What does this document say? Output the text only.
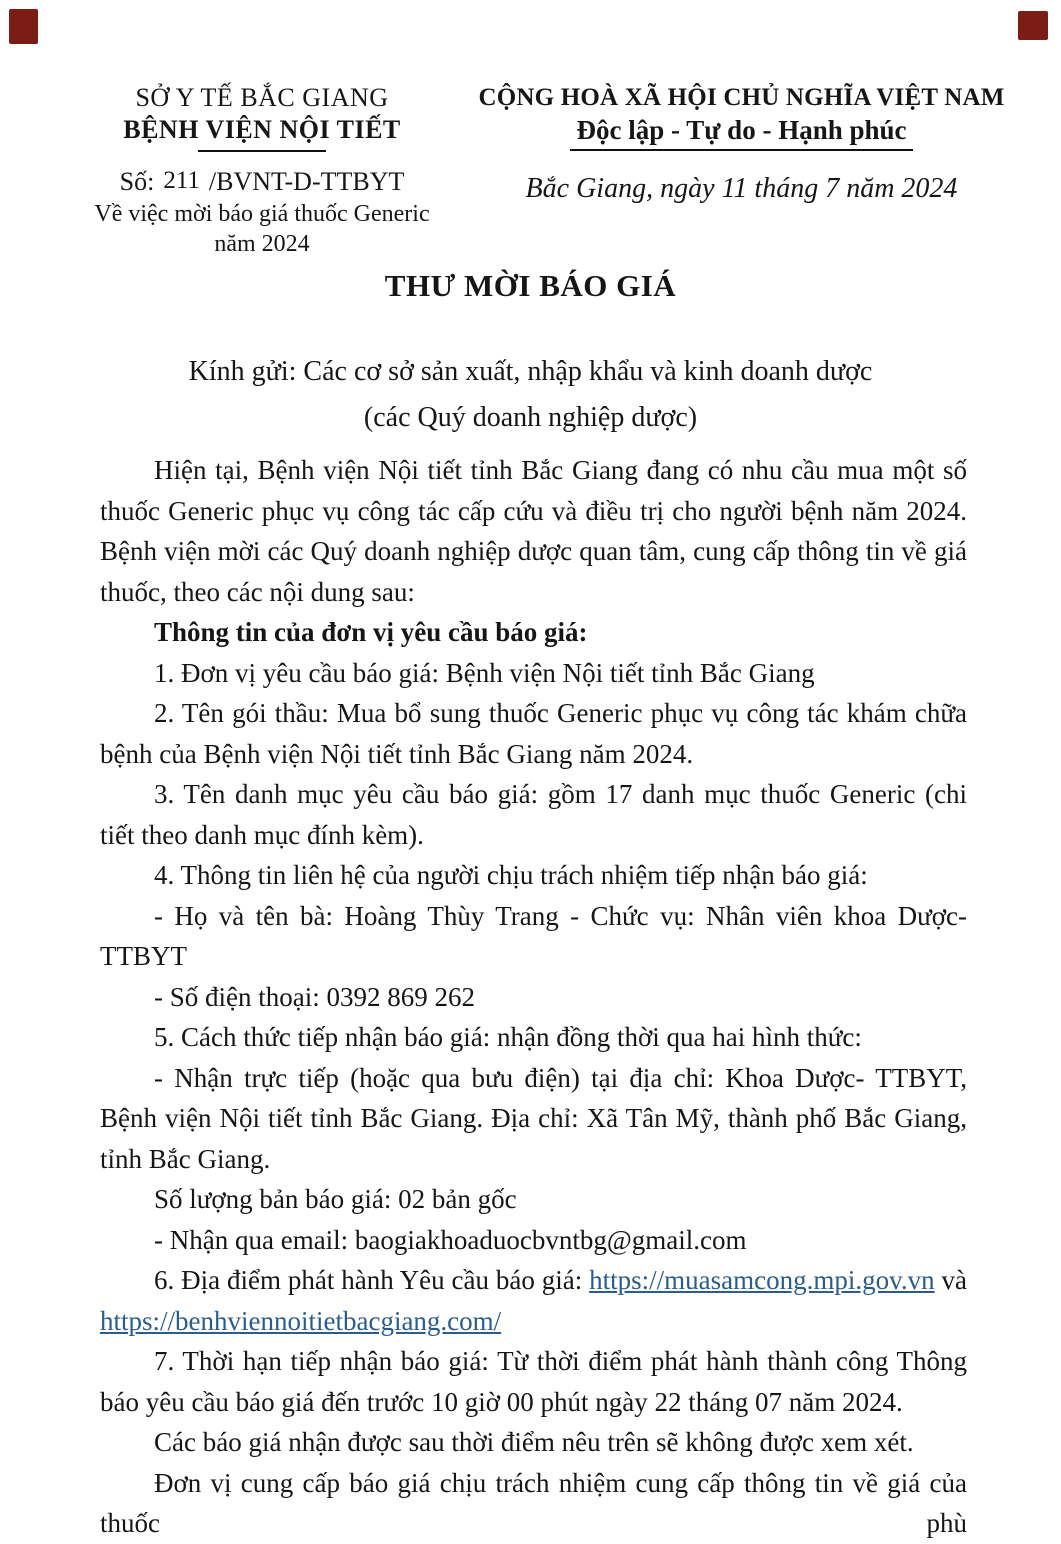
SỞ Y TẾ BẮC GIANG
BỆNH VIỆN NỘI TIẾT
Số: 211 /BVNT-D-TTBYT
Về việc mời báo giá thuốc Generic
năm 2024
CỘNG HOÀ XÃ HỘI CHỦ NGHĨA VIỆT NAM
Độc lập - Tự do - Hạnh phúc
Bắc Giang, ngày 11 tháng 7 năm 2024
THƯ MỜI BÁO GIÁ
Kính gửi: Các cơ sở sản xuất, nhập khẩu và kinh doanh dược
(các Quý doanh nghiệp dược)

Hiện tại, Bệnh viện Nội tiết tỉnh Bắc Giang đang có nhu cầu mua một số thuốc Generic phục vụ công tác cấp cứu và điều trị cho người bệnh năm 2024. Bệnh viện mời các Quý doanh nghiệp dược quan tâm, cung cấp thông tin về giá thuốc, theo các nội dung sau:

Thông tin của đơn vị yêu cầu báo giá:

1. Đơn vị yêu cầu báo giá: Bệnh viện Nội tiết tỉnh Bắc Giang

2. Tên gói thầu: Mua bổ sung thuốc Generic phục vụ công tác khám chữa bệnh của Bệnh viện Nội tiết tỉnh Bắc Giang năm 2024.

3. Tên danh mục yêu cầu báo giá: gồm 17 danh mục thuốc Generic (chi tiết theo danh mục đính kèm).

4. Thông tin liên hệ của người chịu trách nhiệm tiếp nhận báo giá:

- Họ và tên bà: Hoàng Thùy Trang - Chức vụ: Nhân viên khoa Dược-TTBYT

- Số điện thoại: 0392 869 262

5. Cách thức tiếp nhận báo giá: nhận đồng thời qua hai hình thức:

- Nhận trực tiếp (hoặc qua bưu điện) tại địa chỉ: Khoa Dược- TTBYT, Bệnh viện Nội tiết tỉnh Bắc Giang. Địa chỉ: Xã Tân Mỹ, thành phố Bắc Giang, tỉnh Bắc Giang.

Số lượng bản báo giá: 02 bản gốc

- Nhận qua email: baogiakhoaduocbvntbg@gmail.com

6. Địa điểm phát hành Yêu cầu báo giá: https://muasamcong.mpi.gov.vn và https://benhviennoitietbacgiang.com/

7. Thời hạn tiếp nhận báo giá: Từ thời điểm phát hành thành công Thông báo yêu cầu báo giá đến trước 10 giờ 00 phút ngày 22 tháng 07 năm 2024.

Các báo giá nhận được sau thời điểm nêu trên sẽ không được xem xét.

Đơn vị cung cấp báo giá chịu trách nhiệm cung cấp thông tin về giá của thuốc phù
